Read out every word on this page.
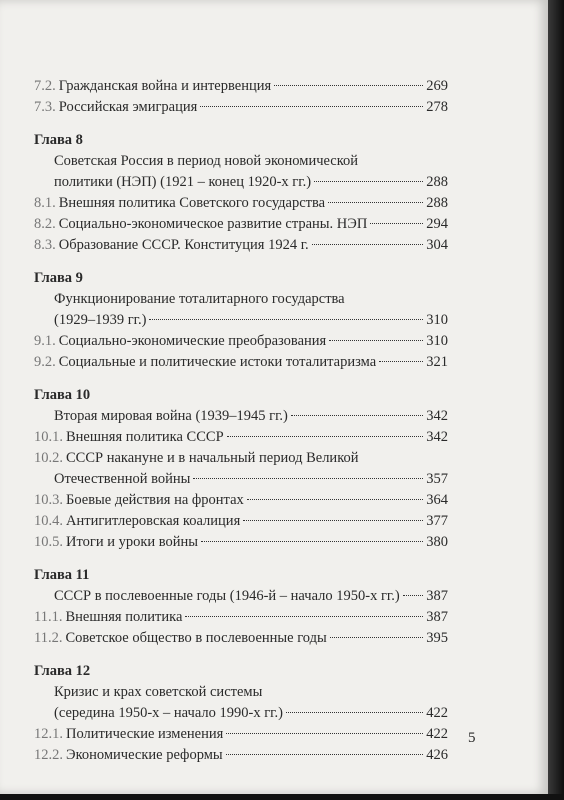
7.2. Гражданская война и интервенция	269
7.3. Российская эмиграция	278
Глава 8
Советская Россия в период новой экономической
политики (НЭП) (1921 – конец 1920-х гг.)	288
8.1. Внешняя политика Советского государства	288
8.2. Социально-экономическое развитие страны. НЭП	294
8.3. Образование СССР. Конституция 1924 г.	304
Глава 9
Функционирование тоталитарного государства
(1929–1939 гг.)	310
9.1. Социально-экономические преобразования	310
9.2. Социальные и политические истоки тоталитаризма	321
Глава 10
Вторая мировая война (1939–1945 гг.)	342
10.1. Внешняя политика СССР	342
10.2. СССР накануне и в начальный период Великой
Отечественной войны	357
10.3. Боевые действия на фронтах	364
10.4. Антигитлеровская коалиция	377
10.5. Итоги и уроки войны	380
Глава 11
СССР в послевоенные годы (1946-й – начало 1950-х гг.) 387
11.1. Внешняя политика	387
11.2. Советское общество в послевоенные годы	395
Глава 12
Кризис и крах советской системы
(середина 1950-х – начало 1990-х гг.)	422
12.1. Политические изменения	422
12.2. Экономические реформы	426
5
